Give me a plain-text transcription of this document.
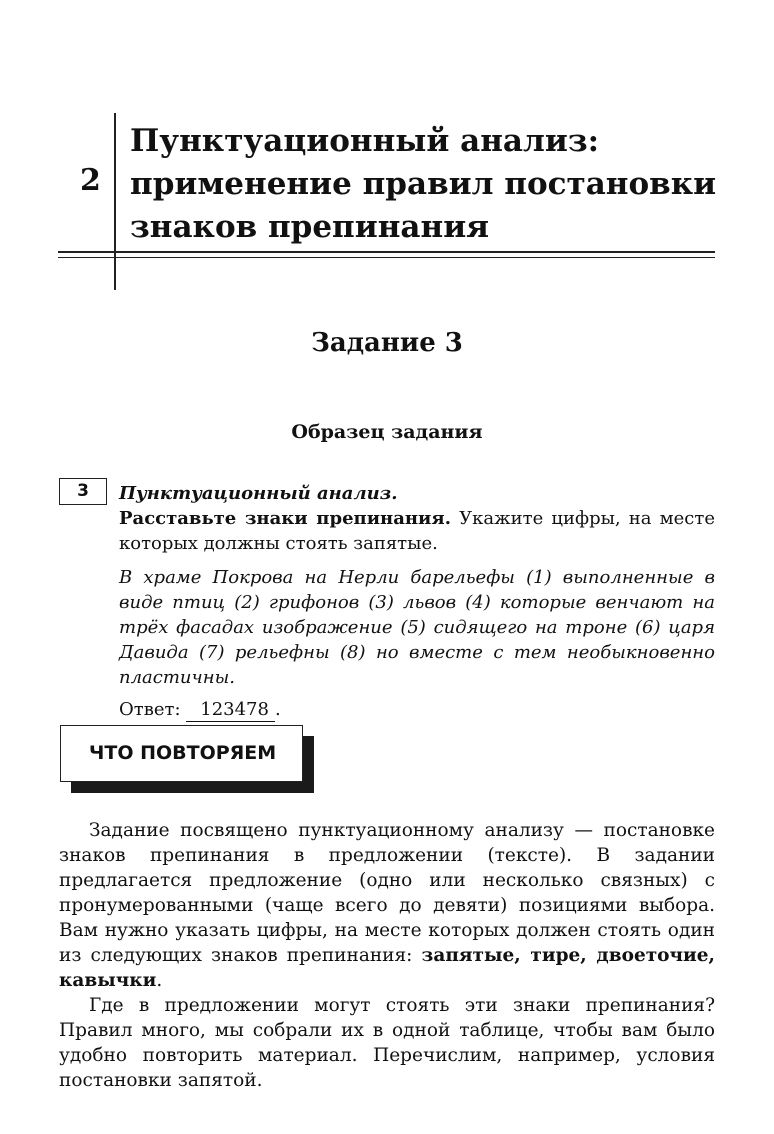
2
Пунктуационный анализ:
применение правил постановки
знаков препинания
Задание 3
Образец задания
3	Пунктуационный анализ.

Расставьте знаки препинания. Укажите цифры, на месте которых должны стоять запятые.

В храме Покрова на Нерли барельефы (1) выполненные в виде птиц (2) грифонов (3) львов (4) которые венчают на трёх фасадах изображение (5) сидящего на троне (6) царя Давида (7) рельефны (8) но вместе с тем необыкновенно пластичны.

Ответ: 123478 .

ЧТО ПОВТОРЯЕМ

Задание посвящено пунктуационному анализу — постановке знаков препинания в предложении (тексте). В задании предлагается предложение (одно или несколько связных) с пронумерованными (чаще всего до девяти) позициями выбора. Вам нужно указать цифры, на месте которых должен стоять один из следующих знаков препинания: запятые, тире, двоеточие, кавычки.

Где в предложении могут стоять эти знаки препинания? Правил много, мы собрали их в одной таблице, чтобы вам было удобно повторить материал. Перечислим, например, условия постановки запятой.
